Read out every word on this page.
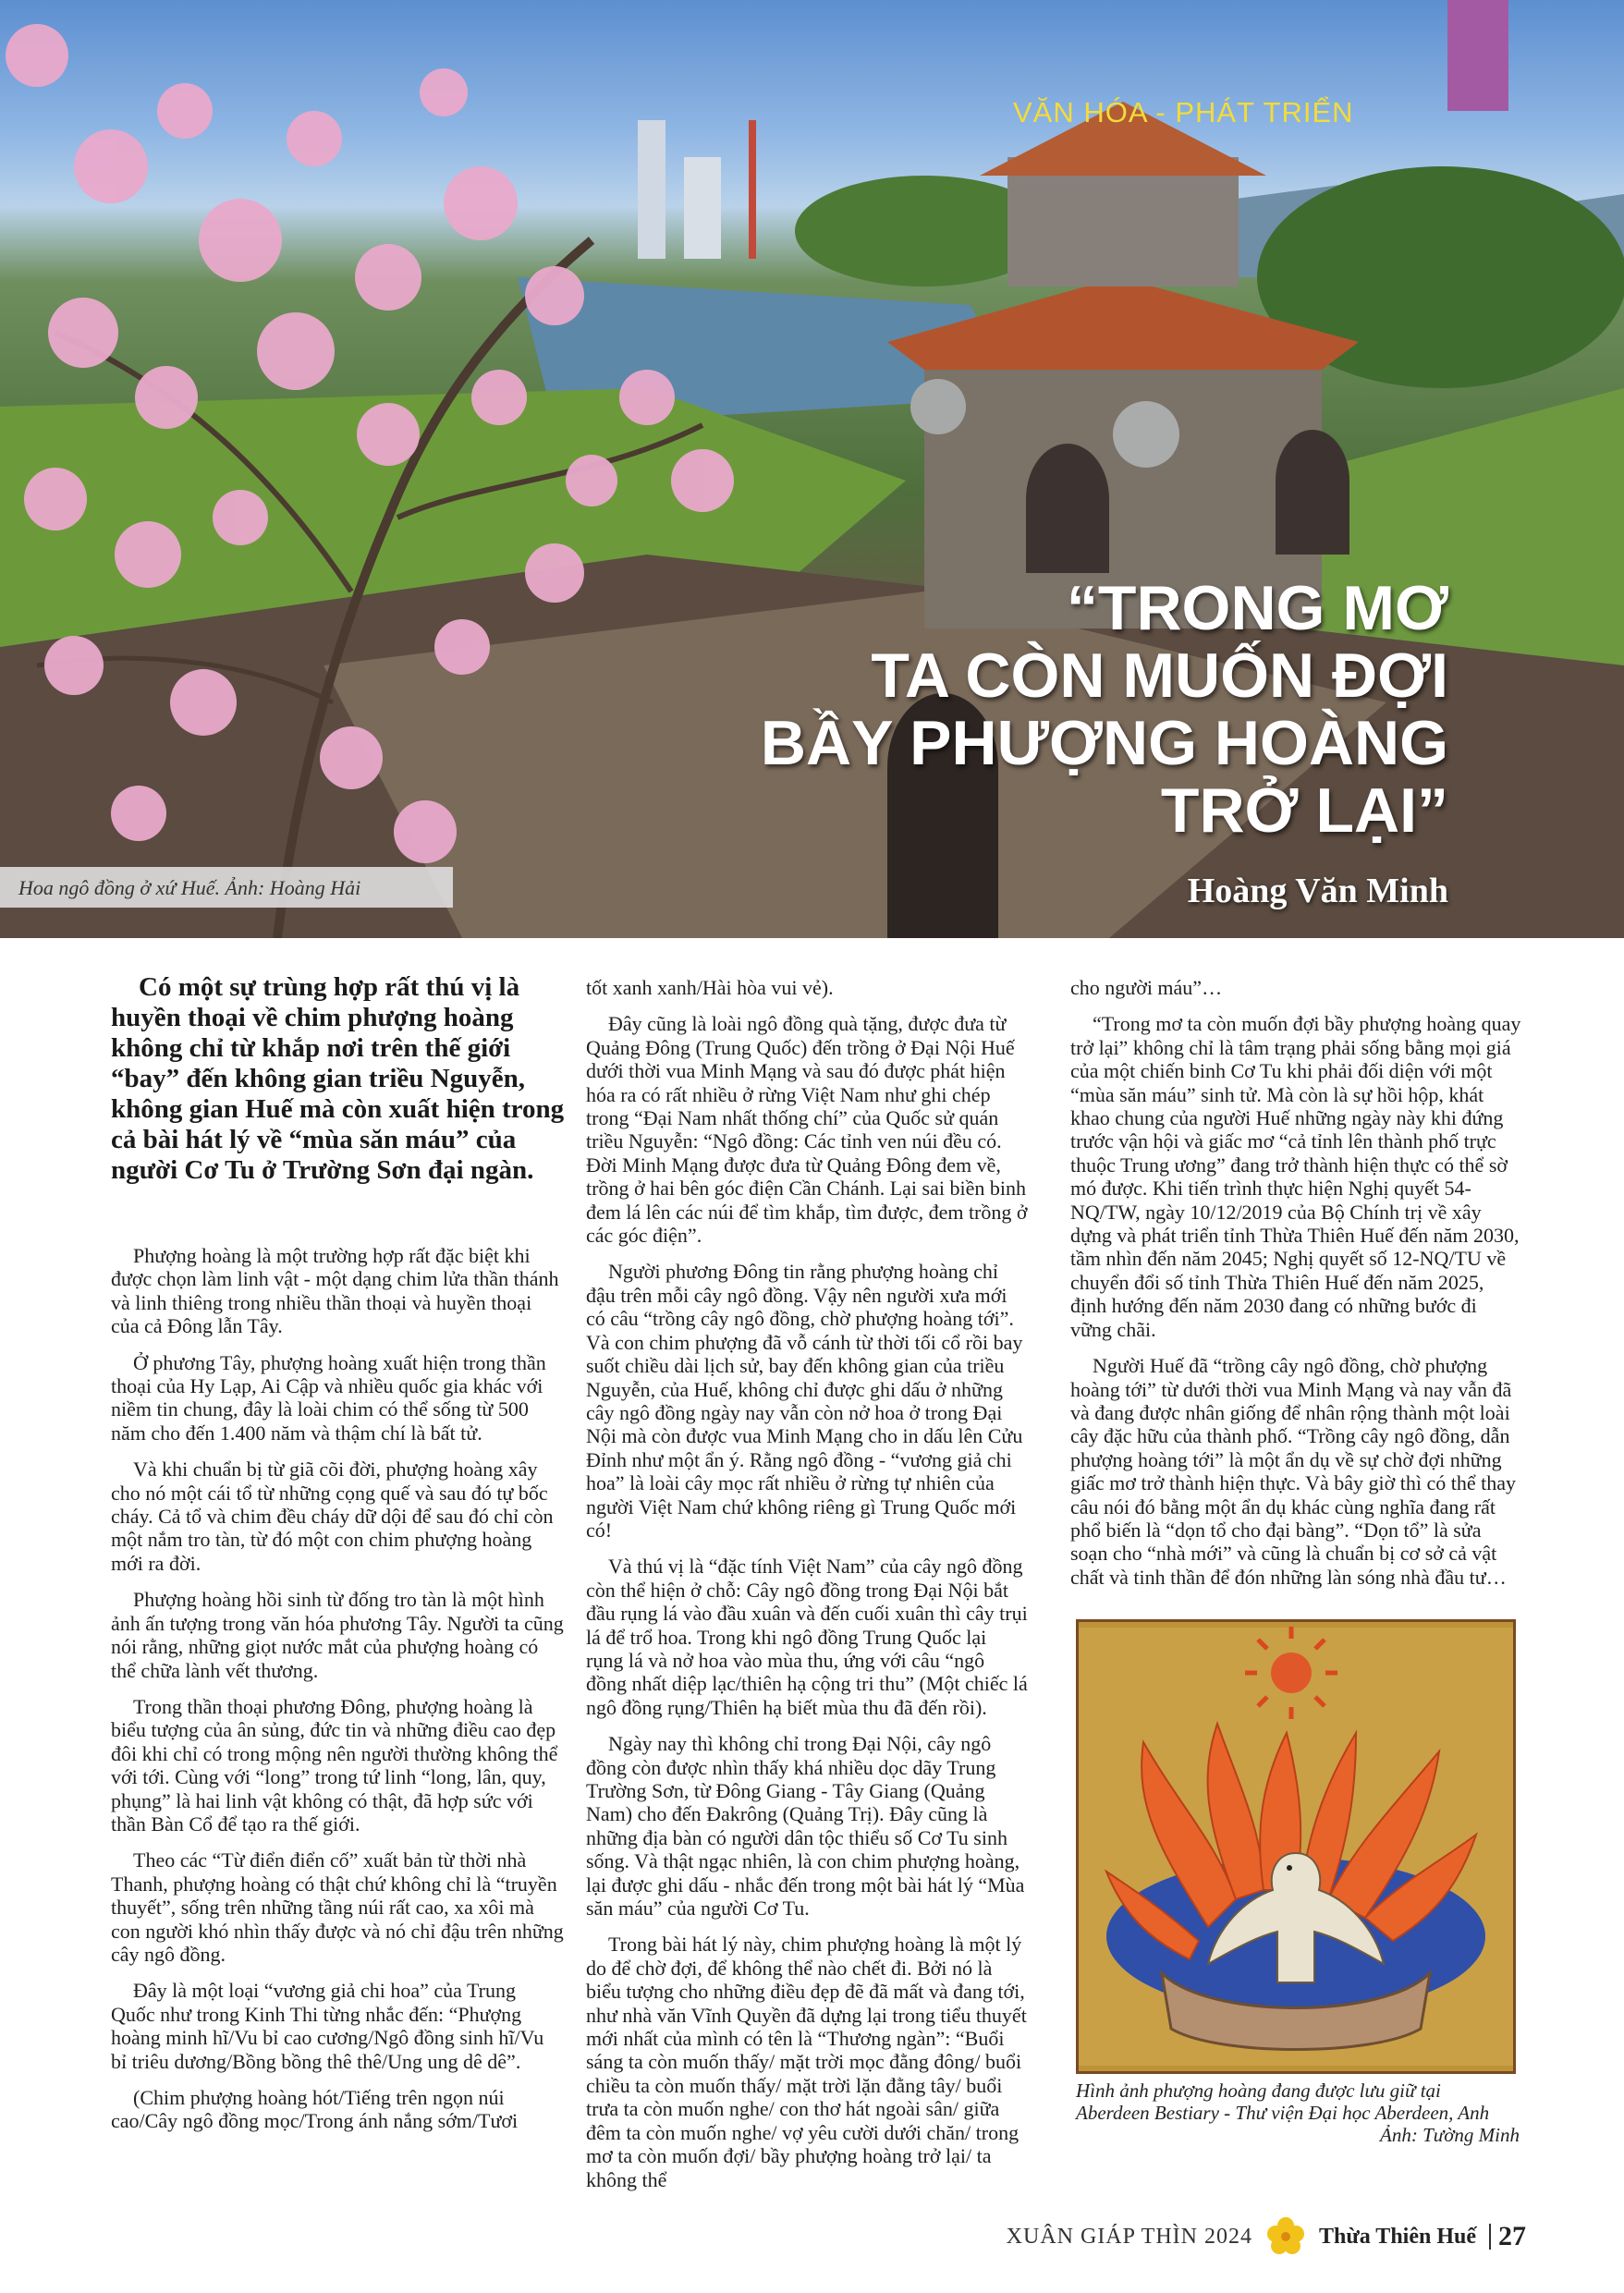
VĂN HÓA - PHÁT TRIỂN
“TRONG MƠ
TA CÒN MUỐN ĐỢI
BẦY PHƯỢNG HOÀNG
TRỞ LẠI”
Hoàng Văn Minh
Hoa ngô đồng ở xứ Huế. Ảnh: Hoàng Hải
Có một sự trùng hợp rất thú vị là huyền thoại về chim phượng hoàng không chỉ từ khắp nơi trên thế giới “bay” đến không gian triều Nguyễn, không gian Huế mà còn xuất hiện trong cả bài hát lý về “mùa săn máu” của người Cơ Tu ở Trường Sơn đại ngàn.

Phượng hoàng là một trường hợp rất đặc biệt khi được chọn làm linh vật - một dạng chim lửa thần thánh và linh thiêng trong nhiều thần thoại và huyền thoại của cả Đông lẫn Tây.

Ở phương Tây, phượng hoàng xuất hiện trong thần thoại của Hy Lạp, Ai Cập và nhiều quốc gia khác với niềm tin chung, đây là loài chim có thể sống từ 500 năm cho đến 1.400 năm và thậm chí là bất tử.

Và khi chuẩn bị từ giã cõi đời, phượng hoàng xây cho nó một cái tổ từ những cọng quế và sau đó tự bốc cháy. Cả tổ và chim đều cháy dữ dội để sau đó chỉ còn một nắm tro tàn, từ đó một con chim phượng hoàng mới ra đời.

Phượng hoàng hồi sinh từ đống tro tàn là một hình ảnh ấn tượng trong văn hóa phương Tây. Người ta cũng nói rằng, những giọt nước mắt của phượng hoàng có thể chữa lành vết thương.

Trong thần thoại phương Đông, phượng hoàng là biểu tượng của ân sủng, đức tin và những điều cao đẹp đôi khi chỉ có trong mộng nên người thường không thể với tới. Cùng với “long” trong tứ linh “long, lân, quy, phụng” là hai linh vật không có thật, đã hợp sức với thần Bàn Cổ để tạo ra thế giới.

Theo các “Từ điển điển cố” xuất bản từ thời nhà Thanh, phượng hoàng có thật chứ không chỉ là “truyền thuyết”, sống trên những tầng núi rất cao, xa xôi mà con người khó nhìn thấy được và nó chỉ đậu trên những cây ngô đồng.

Đây là một loại “vương giả chi hoa” của Trung Quốc như trong Kinh Thi từng nhắc đến: “Phượng hoàng minh hĩ/Vu bỉ cao cương/Ngô đồng sinh hĩ/Vu bỉ triêu dương/Bồng bồng thê thê/Ung ung dê dê”.

(Chim phượng hoàng hót/Tiếng trên ngọn núi cao/Cây ngô đồng mọc/Trong ánh nắng sớm/Tươi

tốt xanh xanh/Hài hòa vui vẻ).

Đây cũng là loài ngô đồng quà tặng, được đưa từ Quảng Đông (Trung Quốc) đến trồng ở Đại Nội Huế dưới thời vua Minh Mạng và sau đó được phát hiện hóa ra có rất nhiều ở rừng Việt Nam như ghi chép trong “Đại Nam nhất thống chí” của Quốc sử quán triều Nguyễn: “Ngô đồng: Các tỉnh ven núi đều có. Đời Minh Mạng được đưa từ Quảng Đông đem về, trồng ở hai bên góc điện Cần Chánh. Lại sai biền binh đem lá lên các núi để tìm khắp, tìm được, đem trồng ở các góc điện”.

Người phương Đông tin rằng phượng hoàng chỉ đậu trên mỗi cây ngô đồng. Vậy nên người xưa mới có câu “trồng cây ngô đồng, chờ phượng hoàng tới”. Và con chim phượng đã vỗ cánh từ thời tối cổ rồi bay suốt chiều dài lịch sử, bay đến không gian của triều Nguyễn, của Huế, không chỉ được ghi dấu ở những cây ngô đồng ngày nay vẫn còn nở hoa ở trong Đại Nội mà còn được vua Minh Mạng cho in dấu lên Cửu Đỉnh như một ẩn ý. Rằng ngô đồng - “vương giả chi hoa” là loài cây mọc rất nhiều ở rừng tự nhiên của người Việt Nam chứ không riêng gì Trung Quốc mới có!

Và thú vị là “đặc tính Việt Nam” của cây ngô đồng còn thể hiện ở chỗ: Cây ngô đồng trong Đại Nội bắt đầu rụng lá vào đầu xuân và đến cuối xuân thì cây trụi lá để trổ hoa. Trong khi ngô đồng Trung Quốc lại rụng lá và nở hoa vào mùa thu, ứng với câu “ngô đồng nhất diệp lạc/thiên hạ cộng tri thu” (Một chiếc lá ngô đồng rụng/Thiên hạ biết mùa thu đã đến rồi).

Ngày nay thì không chỉ trong Đại Nội, cây ngô đồng còn được nhìn thấy khá nhiều dọc dãy Trung Trường Sơn, từ Đông Giang - Tây Giang (Quảng Nam) cho đến Đakrông (Quảng Trị). Đây cũng là những địa bàn có người dân tộc thiểu số Cơ Tu sinh sống. Và thật ngạc nhiên, là con chim phượng hoàng, lại được ghi dấu - nhắc đến trong một bài hát lý “Mùa săn máu” của người Cơ Tu.

Trong bài hát lý này, chim phượng hoàng là một lý do để chờ đợi, để không thể nào chết đi. Bởi nó là biểu tượng cho những điều đẹp đẽ đã mất và đang tới, như nhà văn Vĩnh Quyền đã dựng lại trong tiểu thuyết mới nhất của mình có tên là “Thương ngàn”: “Buổi sáng ta còn muốn thấy/ mặt trời mọc đằng đông/ buổi chiều ta còn muốn thấy/ mặt trời lặn đằng tây/ buổi trưa ta còn muốn nghe/ con thơ hát ngoài sân/ giữa đêm ta còn muốn nghe/ vợ yêu cười dưới chăn/ trong mơ ta còn muốn đợi/ bầy phượng hoàng trở lại/ ta không thể

cho người máu”…

“Trong mơ ta còn muốn đợi bầy phượng hoàng quay trở lại” không chỉ là tâm trạng phải sống bằng mọi giá của một chiến binh Cơ Tu khi phải đối diện với một “mùa săn máu” sinh tử. Mà còn là sự hồi hộp, khát khao chung của người Huế những ngày này khi đứng trước vận hội và giấc mơ “cả tỉnh lên thành phố trực thuộc Trung ương” đang trở thành hiện thực có thể sờ mó được. Khi tiến trình thực hiện Nghị quyết 54-NQ/TW, ngày 10/12/2019 của Bộ Chính trị về xây dựng và phát triển tỉnh Thừa Thiên Huế đến năm 2030, tầm nhìn đến năm 2045; Nghị quyết số 12-NQ/TU về chuyển đổi số tỉnh Thừa Thiên Huế đến năm 2025, định hướng đến năm 2030 đang có những bước đi vững chãi.

Người Huế đã “trồng cây ngô đồng, chờ phượng hoàng tới” từ dưới thời vua Minh Mạng và nay vẫn đã và đang được nhân giống để nhân rộng thành một loài cây đặc hữu của thành phố. “Trồng cây ngô đồng, dẫn phượng hoàng tới” là một ẩn dụ về sự chờ đợi những giấc mơ trở thành hiện thực. Và bây giờ thì có thể thay câu nói đó bằng một ẩn dụ khác cùng nghĩa đang rất phổ biến là “dọn tổ cho đại bàng”. “Dọn tổ” là sửa soạn cho “nhà mới” và cũng là chuẩn bị cơ sở cả vật chất và tinh thần để đón những làn sóng nhà đầu tư…

Hình ảnh phượng hoàng đang được lưu giữ tại
Aberdeen Bestiary - Thư viện Đại học Aberdeen, Anh
Ảnh: Tường Minh
XUÂN GIÁP THÌN 2024	Thừa Thiên Huế 27
